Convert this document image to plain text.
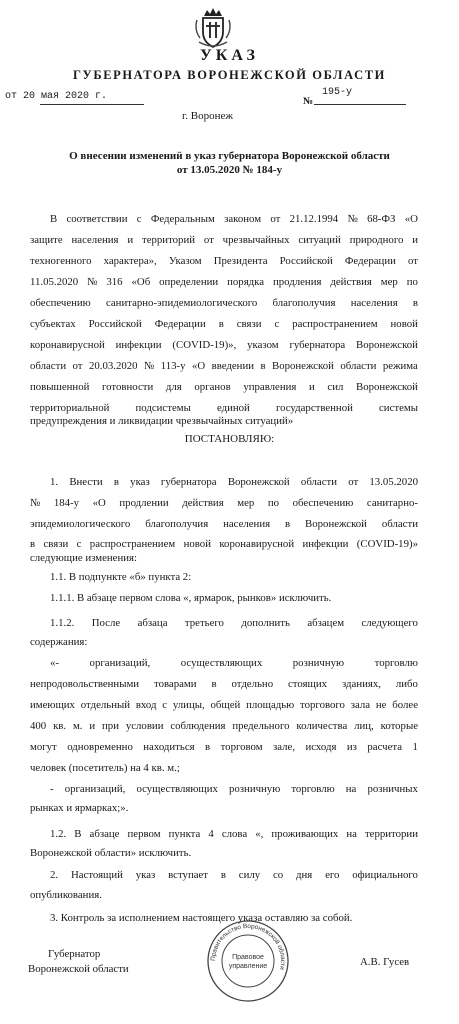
УКАЗ
ГУБЕРНАТОРА ВОРОНЕЖСКОЙ ОБЛАСТИ
от 20 мая 2020 г.	№
195-у
г. Воронеж
О внесении изменений в указ губернатора Воронежской области
от 13.05.2020 № 184-у
В соответствии с Федеральным законом от 21.12.1994 № 68-ФЗ «О
защите населения и территорий от чрезвычайных ситуаций природного и
техногенного характера», Указом Президента Российской Федерации от
11.05.2020 № 316 «Об определении порядка продления действия мер по
обеспечению санитарно-эпидемиологического благополучия населения в
субъектах Российской Федерации в связи с распространением новой
коронавирусной инфекции (COVID-19)», указом губернатора Воронежской
области от 20.03.2020 № 113-у «О введении в Воронежской области режима
повышенной готовности для органов управления и сил Воронежской
территориальной подсистемы единой государственной системы
предупреждения и ликвидации чрезвычайных ситуаций»
ПОСТАНОВЛЯЮ:
1. Внести в указ губернатора Воронежской области от 13.05.2020
№ 184-у «О продлении действия мер по обеспечению санитарно-
эпидемиологического благополучия населения в Воронежской области
в связи с распространением новой коронавирусной инфекции (COVID-19)»
следующие изменения:
1.1. В подпункте «б» пункта 2:
1.1.1. В абзаце первом слова «, ярмарок, рынков» исключить.
1.1.2. После абзаца третьего дополнить абзацем следующего
содержания:
«-	организаций,	осуществляющих	розничную	торговлю
непродовольственными товарами в отдельно стоящих зданиях, либо
имеющих отдельный вход с улицы, общей площадью торгового зала не более
400 кв. м. и при условии соблюдения предельного количества лиц, которые
могут одновременно находиться в торговом зале, исходя из расчета 1
человек (посетитель) на 4 кв. м.;
- организаций, осуществляющих розничную торговлю на розничных
рынках и ярмарках;».
1.2. В абзаце первом пункта 4 слова «, проживающих на территории
Воронежской области» исключить.
2. Настоящий указ вступает в силу со дня его официального
опубликования.
3. Контроль за исполнением настоящего указа оставляю за собой.
Губернатор
Воронежской области
А.В. Гусев
Правительство Воронежской области
Правовое
управление
